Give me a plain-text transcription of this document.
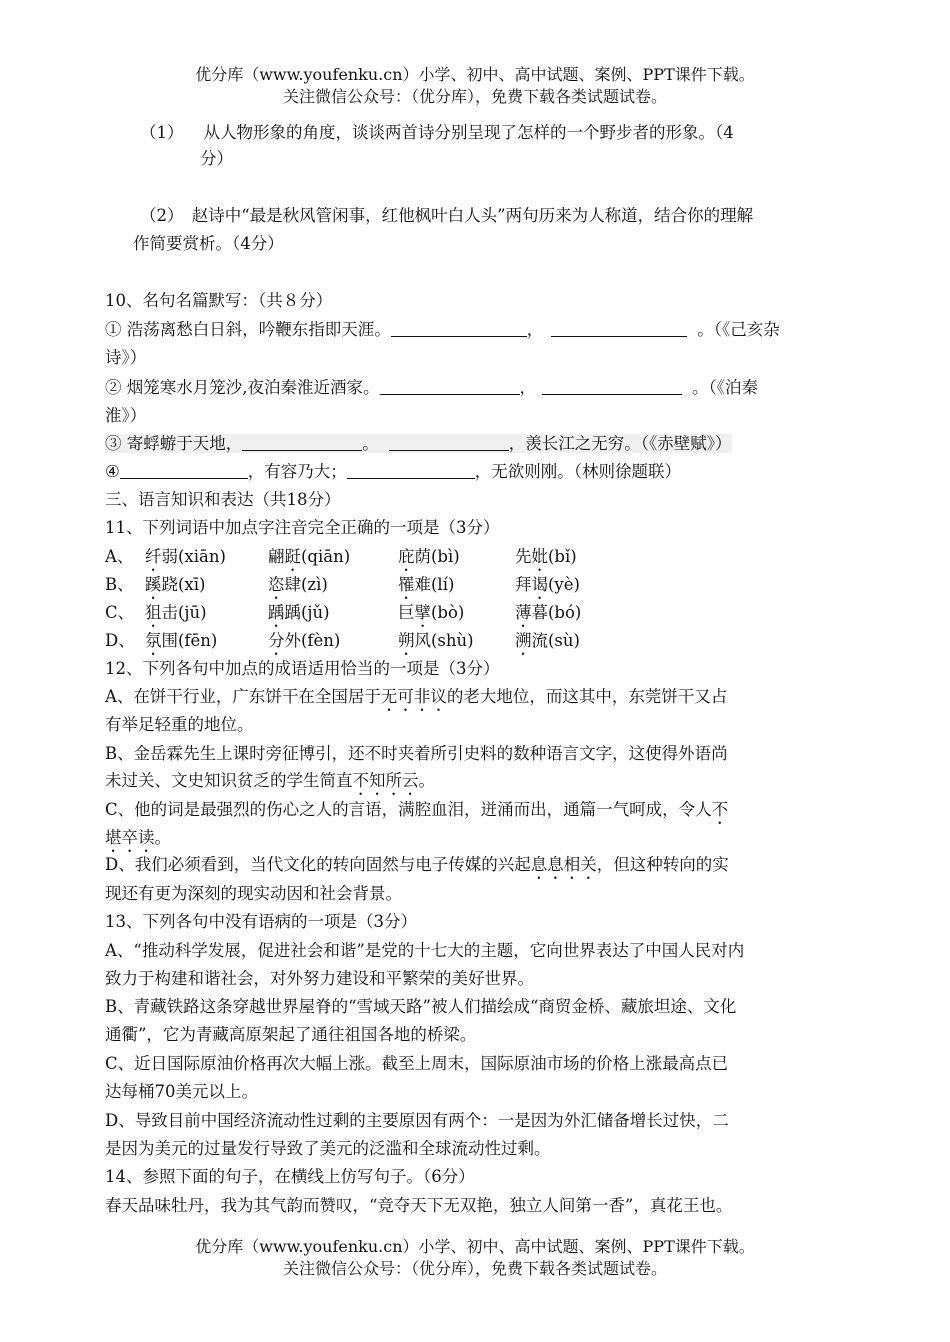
优分库（www.youfenku.cn）小学、初中、高中试题、案例、PPT课件下载。
关注微信公众号：（优分库），免费下载各类试题试卷。
（1） 从人物形象的角度，谈谈两首诗分别呈现了怎样的一个野步者的形象。（4
分）
（2）　赵诗中“最是秋风管闲事，红他枫叶白人头”两句历来为人称道，结合你的理解
作简要赏析。（4分）
10、名句名篇默写：（共８分）
① 浩荡离愁白日斜，吟鞭东指即天涯。	，	。（《己亥杂
诗》）
② 烟笼寒水月笼沙,夜泊秦淮近酒家。	，	。（《泊秦
淮》）
③ 寄蜉蝣于天地，	。	，羡长江之无穷。（《赤壁赋》）
④	，有容乃大；	，无欲则刚。（林则徐题联）
三、语言知识和表达（共18分）
11、下列词语中加点字注音完全正确的一项是（3分）
A、 纤弱(xiān)	翩跹(qiān)	庇荫(bì)	先妣(bǐ)
B、 蹊跷(xī)	恣肆(zì)	罹难(lí)	拜谒(yè)
C、 狙击(jū)	踽踽(jǔ)	巨擘(bò)	薄暮(bó)
D、 氛围(fēn)	分外(fèn)	朔风(shù)	溯流(sù)
12、下列各句中加点的成语适用恰当的一项是（3分）
A、在饼干行业，广东饼干在全国居于无可非议的老大地位，而这其中，东莞饼干又占
有举足轻重的地位。
B、金岳霖先生上课时旁征博引，还不时夹着所引史料的数种语言文字，这使得外语尚
未过关、文史知识贫乏的学生简直不知所云。
C、他的词是最强烈的伤心之人的言语，满腔血泪，迸涌而出，通篇一气呵成，令人不
堪卒读。
D、我们必须看到，当代文化的转向固然与电子传媒的兴起息息相关，但这种转向的实
现还有更为深刻的现实动因和社会背景。
13、下列各句中没有语病的一项是（3分）
A、“推动科学发展，促进社会和谐”是党的十七大的主题，它向世界表达了中国人民对内
致力于构建和谐社会，对外努力建设和平繁荣的美好世界。
B、青藏铁路这条穿越世界屋脊的“雪域天路”被人们描绘成“商贸金桥、藏旅坦途、文化
通衢”，它为青藏高原架起了通往祖国各地的桥梁。
C、近日国际原油价格再次大幅上涨。截至上周末，国际原油市场的价格上涨最高点已
达每桶70美元以上。
D、导致目前中国经济流动性过剩的主要原因有两个：一是因为外汇储备增长过快，二
是因为美元的过量发行导致了美元的泛滥和全球流动性过剩。
14、参照下面的句子，在横线上仿写句子。（6分）
春天品味牡丹，我为其气韵而赞叹，“竞夺天下无双艳，独立人间第一香”，真花王也。
优分库（www.youfenku.cn）小学、初中、高中试题、案例、PPT课件下载。
关注微信公众号：（优分库），免费下载各类试题试卷。
